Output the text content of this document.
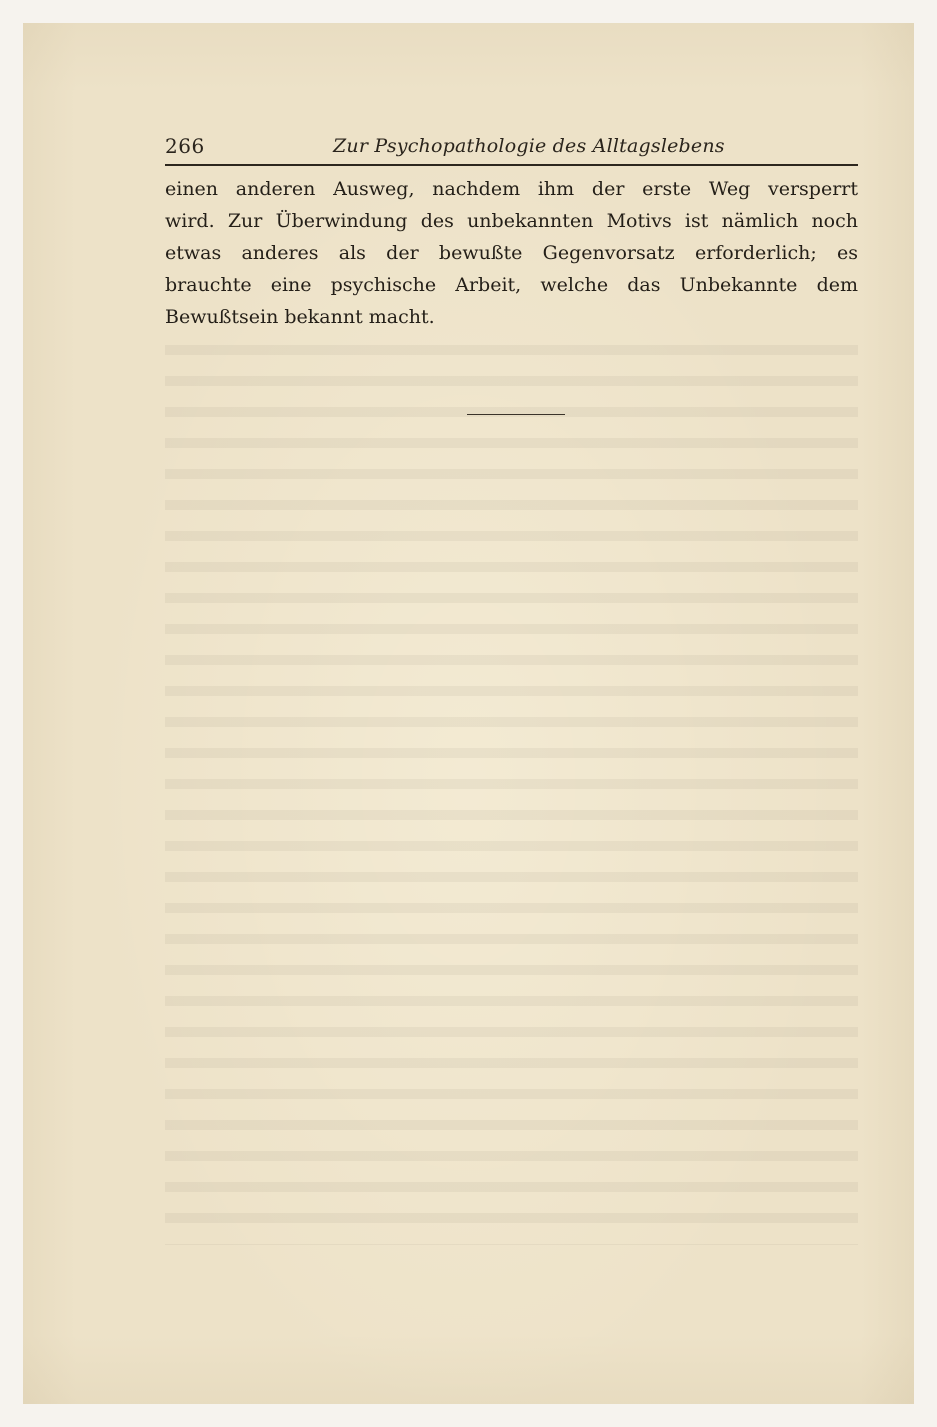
266	Zur Psychopathologie des Alltagslebens
einen anderen Ausweg, nachdem ihm der erste Weg versperrt
wird. Zur Überwindung des unbekannten Motivs ist nämlich noch
etwas anderes als der bewußte Gegenvorsatz erforderlich; es
brauchte eine psychische Arbeit, welche das Unbekannte dem
Bewußtsein bekannt macht.
